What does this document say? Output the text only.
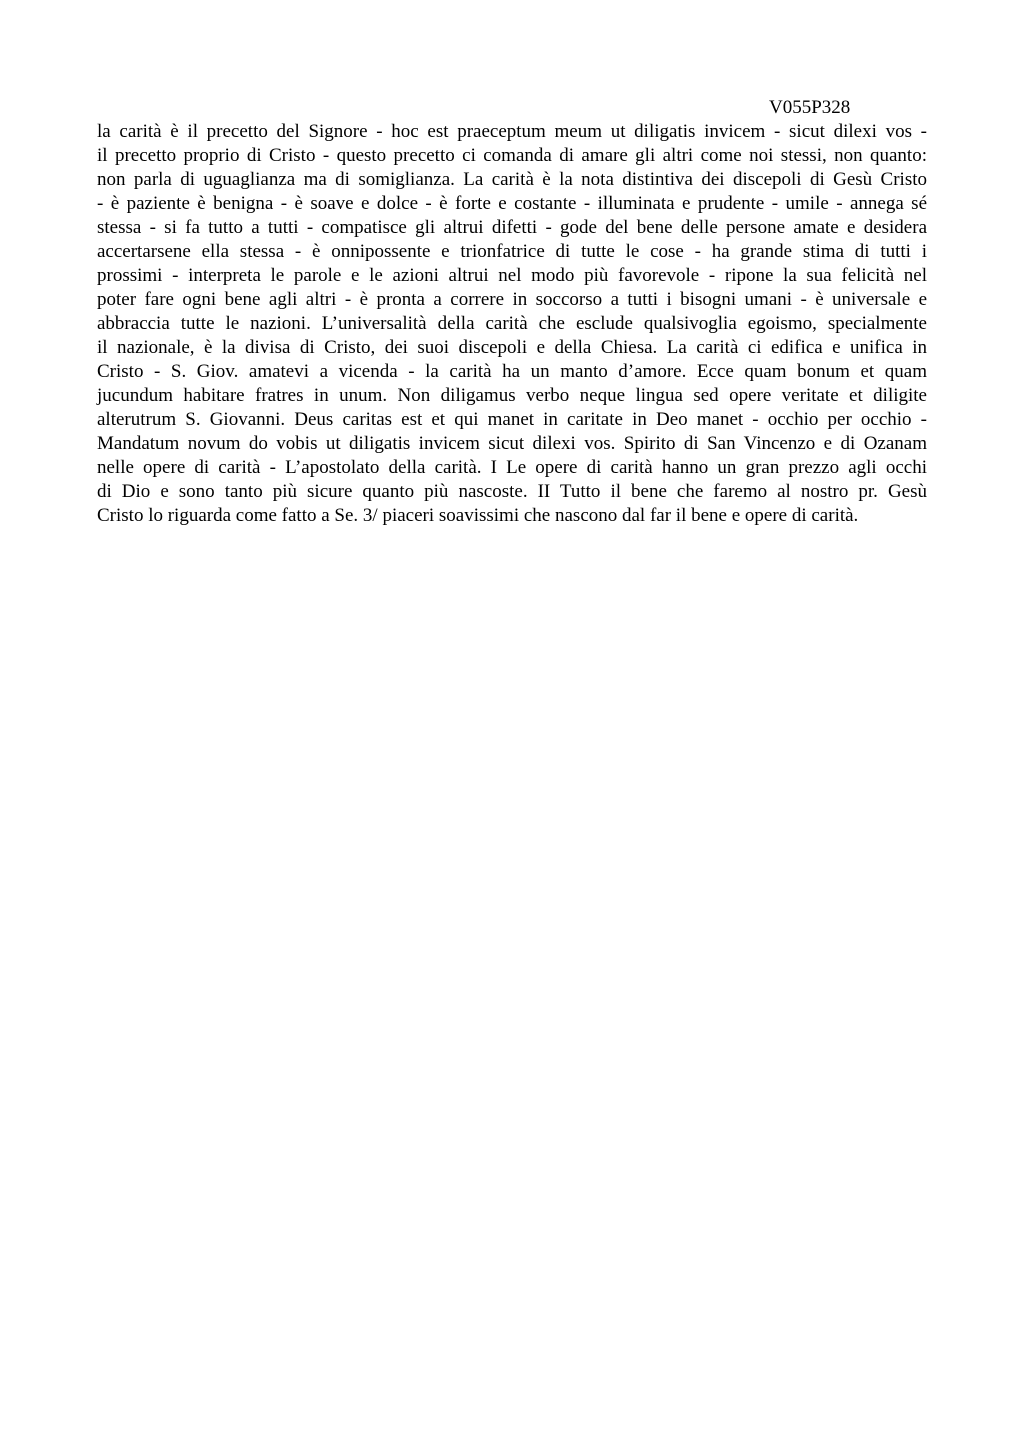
V055P328
la carità è il precetto del Signore - hoc est praeceptum meum ut diligatis invicem - sicut dilexi vos -
il precetto proprio di Cristo - questo precetto ci comanda di amare gli altri come noi stessi, non quanto:
non parla di uguaglianza ma di somiglianza. La carità è la nota distintiva dei discepoli di Gesù Cristo
- è paziente è benigna - è soave e dolce - è forte e costante - illuminata e prudente - umile - annega sé
stessa - si fa tutto a tutti - compatisce gli altrui difetti - gode del bene delle persone amate e desidera
accertarsene ella stessa - è onnipossente e trionfatrice di tutte le cose - ha grande stima di tutti i
prossimi - interpreta le parole e le azioni altrui nel modo più favorevole - ripone la sua felicità nel
poter fare ogni bene agli altri - è pronta a correre in soccorso a tutti i bisogni umani - è universale e
abbraccia tutte le nazioni. L’universalità della carità che esclude qualsivoglia egoismo, specialmente
il nazionale, è la divisa di Cristo, dei suoi discepoli e della Chiesa. La carità ci edifica e unifica in
Cristo - S. Giov. amatevi a vicenda - la carità ha un manto d’amore. Ecce quam bonum et quam
jucundum habitare fratres in unum. Non diligamus verbo neque lingua sed opere veritate et diligite
alterutrum S. Giovanni. Deus caritas est et qui manet in caritate in Deo manet - occhio per occhio -
Mandatum novum do vobis ut diligatis invicem sicut dilexi vos. Spirito di San Vincenzo e di Ozanam
nelle opere di carità - L’apostolato della carità. I Le opere di carità hanno un gran prezzo agli occhi
di Dio e sono tanto più sicure quanto più nascoste. II Tutto il bene che faremo al nostro pr. Gesù
Cristo lo riguarda come fatto a Se. 3/ piaceri soavissimi che nascono dal far il bene e opere di carità.
